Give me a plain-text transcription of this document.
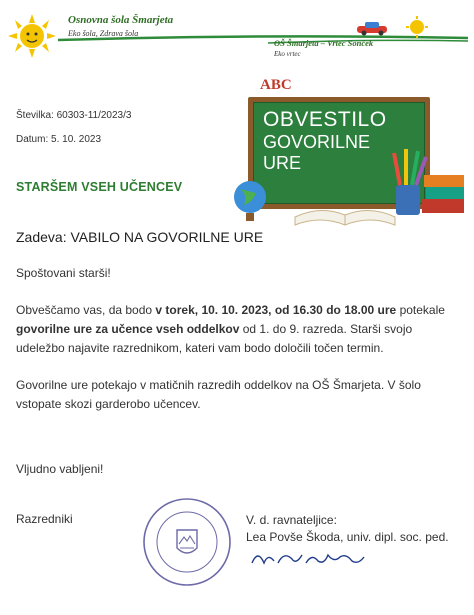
Osnovna šola Šmarjeta
Eko šola, Zdrava šola
OŠ Šmarjeta – Vrtec Sonček
Eko vrtec
Številka: 60303-11/2023/3
Datum: 5. 10. 2023
ABC
OBVESTILO
GOVORILNE
URE
STARŠEM VSEH UČENCEV
Zadeva: VABILO NA GOVORILNE URE
Spoštovani starši!
Obveščamo vas, da bodo v torek, 10. 10. 2023, od 16.30 do 18.00 ure potekale govorilne ure za učence vseh oddelkov od 1. do 9. razreda. Starši svojo udeležbo najavite razrednikom, kateri vam bodo določili točen termin.
Govorilne ure potekajo v matičnih razredih oddelkov na OŠ Šmarjeta. V šolo vstopate skozi garderobo učencev.
Vljudno vabljeni!
Razredniki	V. d. ravnateljice:
Lea Povše Škoda, univ. dipl. soc. ped.
